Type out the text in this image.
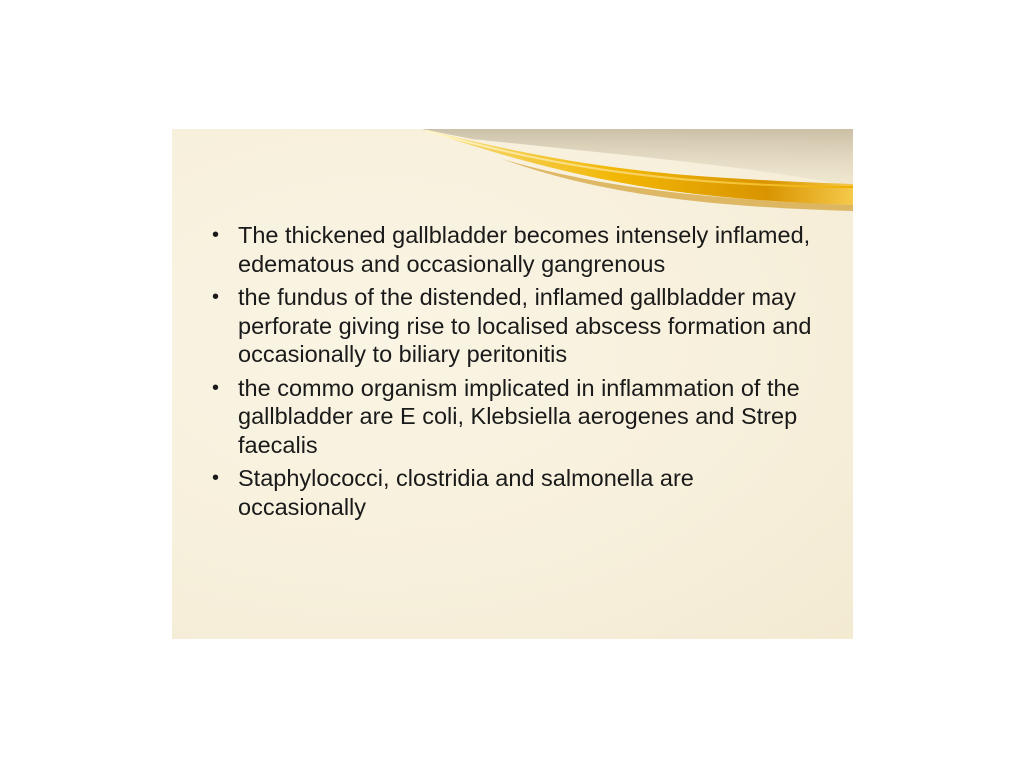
• The thickened gallbladder becomes intensely inflamed, edematous and occasionally gangrenous
• the fundus of the distended, inflamed gallbladder may perforate giving rise to localised abscess formation and occasionally to biliary peritonitis
• the commo organism implicated in inflammation of the gallbladder are E coli, Klebsiella aerogenes and Strep faecalis
• Staphylococci, clostridia and salmonella are occasionally
